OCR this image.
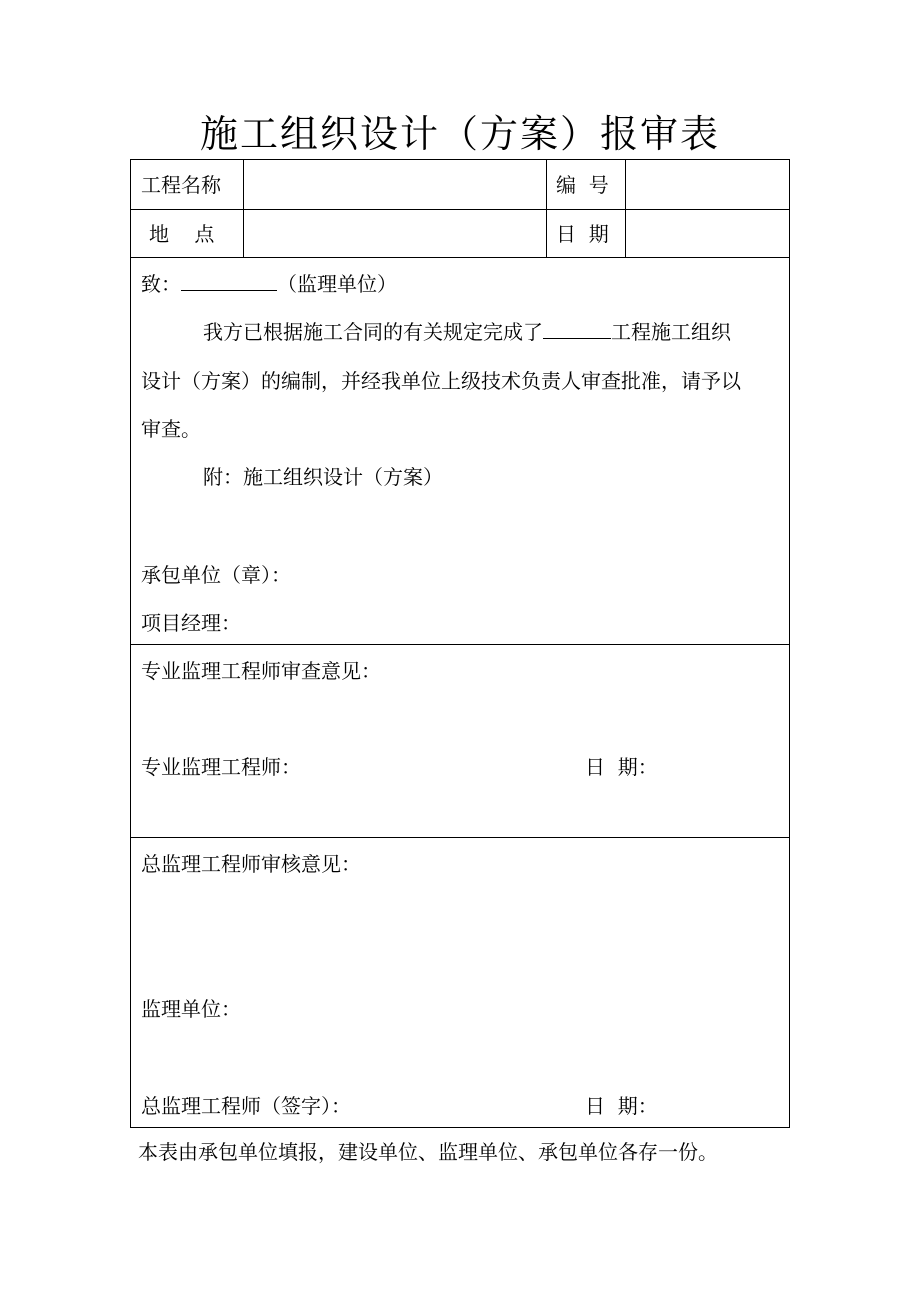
施工组织设计（方案）报审表
工程名称	编  号
地    点	日  期
致：	（监理单位）
我方已根据施工合同的有关规定完成了	工程施工组织
设计（方案）的编制，并经我单位上级技术负责人审查批准，请予以
审查。
附：施工组织设计（方案）
承包单位（章）：
项目经理：
专业监理工程师审查意见：
专业监理工程师：	日  期：
总监理工程师审核意见：
监理单位：
总监理工程师（签字）：	日  期：
本表由承包单位填报，建设单位、监理单位、承包单位各存一份。
